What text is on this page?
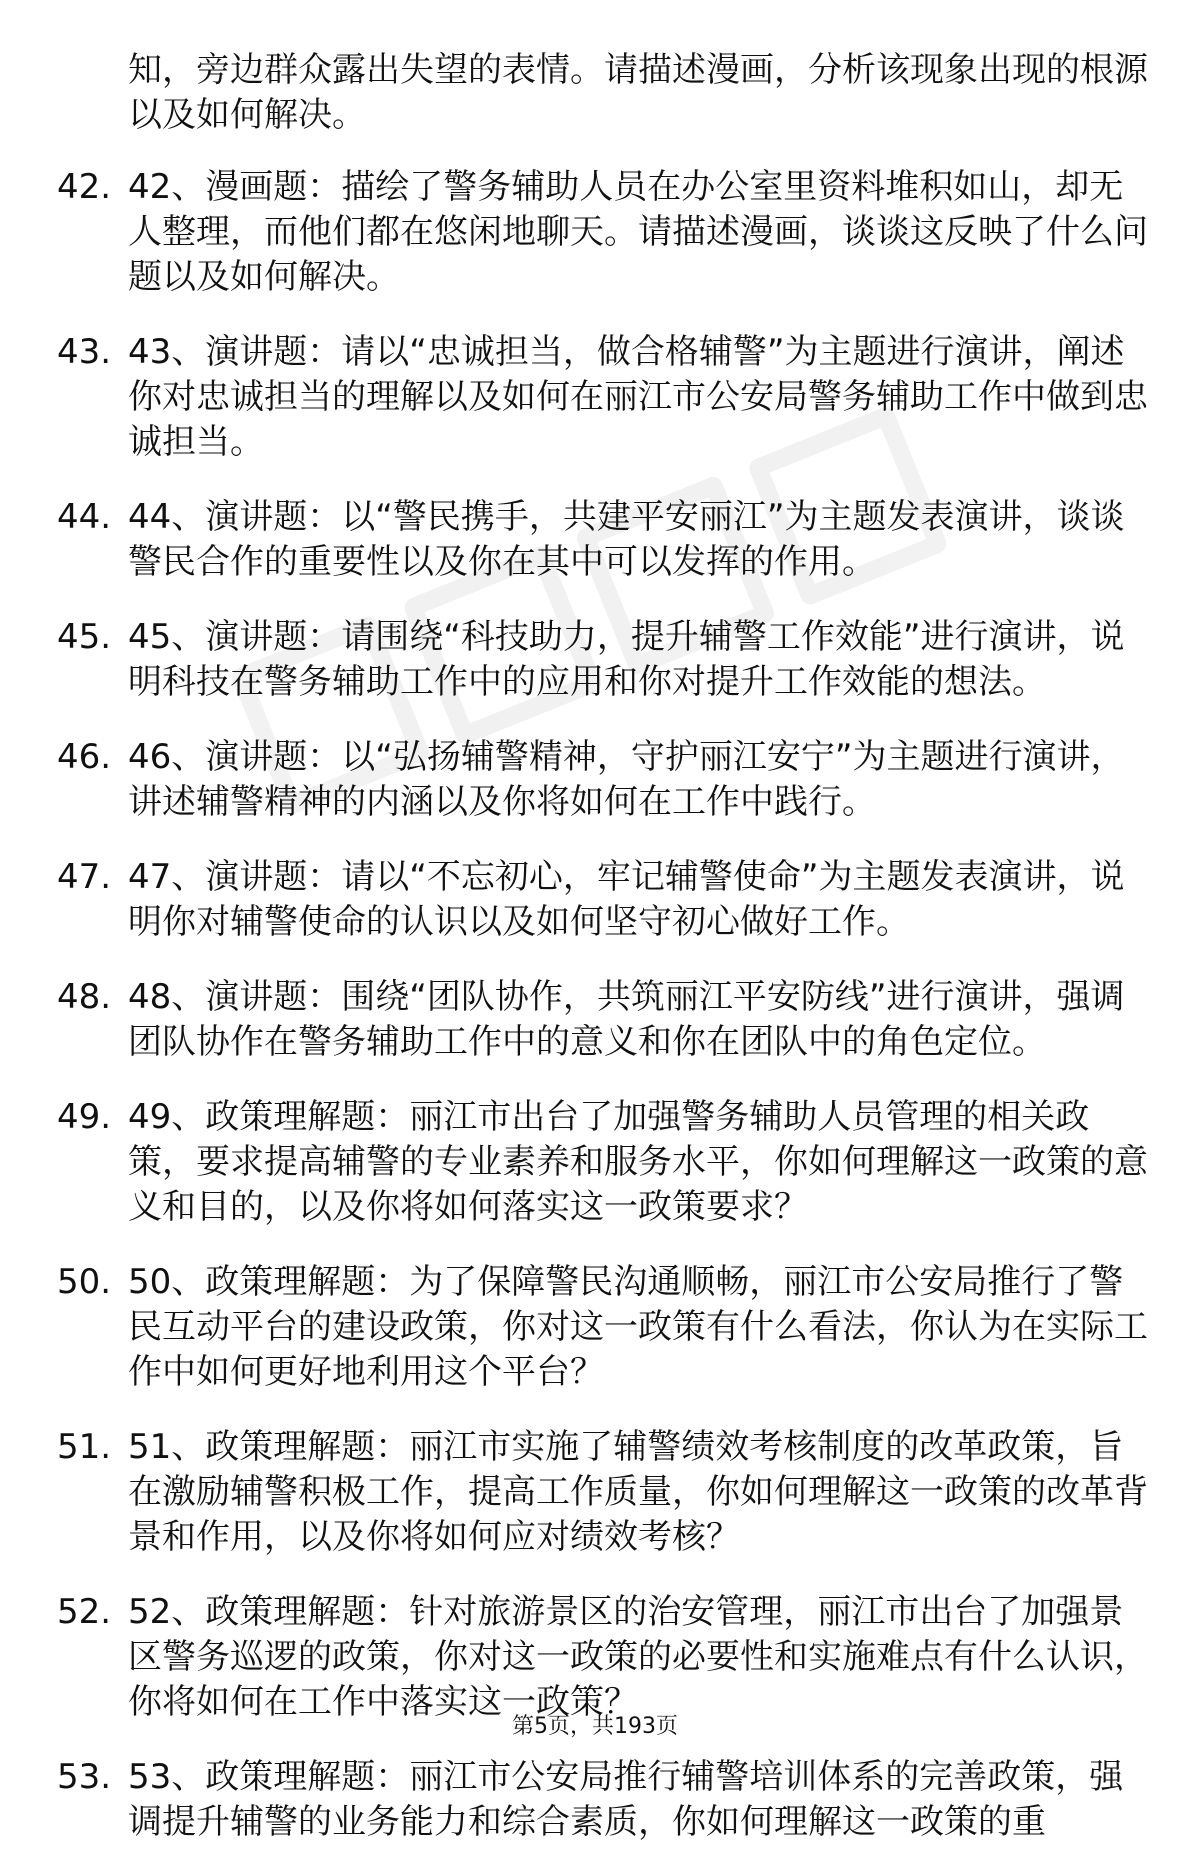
知，旁边群众露出失望的表情。请描述漫画，分析该现象出现的根源以及如何解决。
42. 42、漫画题：描绘了警务辅助人员在办公室里资料堆积如山，却无人整理，而他们都在悠闲地聊天。请描述漫画，谈谈这反映了什么问题以及如何解决。
43. 43、演讲题：请以“忠诚担当，做合格辅警”为主题进行演讲，阐述你对忠诚担当的理解以及如何在丽江市公安局警务辅助工作中做到忠诚担当。
44. 44、演讲题：以“警民携手，共建平安丽江”为主题发表演讲，谈谈警民合作的重要性以及你在其中可以发挥的作用。
45. 45、演讲题：请围绕“科技助力，提升辅警工作效能”进行演讲，说明科技在警务辅助工作中的应用和你对提升工作效能的想法。
46. 46、演讲题：以“弘扬辅警精神，守护丽江安宁”为主题进行演讲，讲述辅警精神的内涵以及你将如何在工作中践行。
47. 47、演讲题：请以“不忘初心，牢记辅警使命”为主题发表演讲，说明你对辅警使命的认识以及如何坚守初心做好工作。
48. 48、演讲题：围绕“团队协作，共筑丽江平安防线”进行演讲，强调团队协作在警务辅助工作中的意义和你在团队中的角色定位。
49. 49、政策理解题：丽江市出台了加强警务辅助人员管理的相关政策，要求提高辅警的专业素养和服务水平，你如何理解这一政策的意义和目的，以及你将如何落实这一政策要求？
50. 50、政策理解题：为了保障警民沟通顺畅，丽江市公安局推行了警民互动平台的建设政策，你对这一政策有什么看法，你认为在实际工作中如何更好地利用这个平台？
51. 51、政策理解题：丽江市实施了辅警绩效考核制度的改革政策，旨在激励辅警积极工作，提高工作质量，你如何理解这一政策的改革背景和作用，以及你将如何应对绩效考核？
52. 52、政策理解题：针对旅游景区的治安管理，丽江市出台了加强景区警务巡逻的政策，你对这一政策的必要性和实施难点有什么认识，你将如何在工作中落实这一政策？
53. 53、政策理解题：丽江市公安局推行辅警培训体系的完善政策，强调提升辅警的业务能力和综合素质，你如何理解这一政策的重
第5页，共193页
